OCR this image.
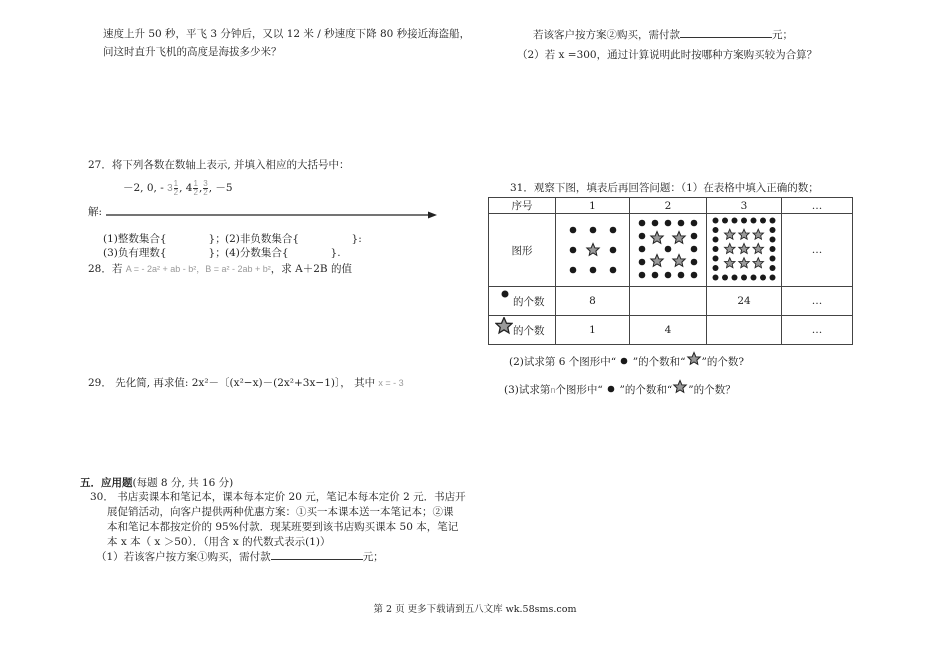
速度上升 50 秒，平飞 3 分钟后，又以 12 米 / 秒速度下降 80 秒接近海盗船，
问这时直升飞机的高度是海拔多少米？
27．将下列各数在数轴上表示, 并填入相应的大括号中：
－2, 0, - $3 \frac{1}{2}$ , $4 \frac{1}{2}$ , $\frac{3}{2}$ , －5
解:
(1)整数集合{　　　　}； (2)非负数集合{　　　　　}:
(3)负有理数{　　　　}； (4)分数集合{　　　　}.
28．若 A = - 2a² + ab - b²，B = a² - 2ab + b²，求 A＋2B 的值
29． 先化简, 再求值: 2x²－〔(x²−x)－(2x²+3x−1)〕， 其中 x = - 3
五．应用题(每题 8 分, 共 16 分)
30． 书店卖课本和笔记本，课本每本定价 20 元，笔记本每本定价 2 元．书店开
展促销活动，向客户提供两种优惠方案：①买一本课本送一本笔记本；②课
本和笔记本都按定价的 95%付款．现某班要到该书店购买课本 50 本，笔记
本 x 本（ x ＞50）．（用含 x 的代数式表示(1)）
（1）若该客户按方案①购买，需付款	元；
若该客户按方案②购买，需付款	元；
（2）若 x =300，通过计算说明此时按哪种方案购买较为合算？
31．观察下图，填表后再回答问题：（1）在表格中填入正确的数；
序号	1	2	3	…
图形				…

的个数	8		24	…

的个数	1	4		…
(2)试求第 6 个图形中“ ”的个数和“ ”的个数?
(3)试求第n个图形中“ ”的个数和“ ”的个数？
第 2 页 更多下载请到五八文库 wk.58sms.com
